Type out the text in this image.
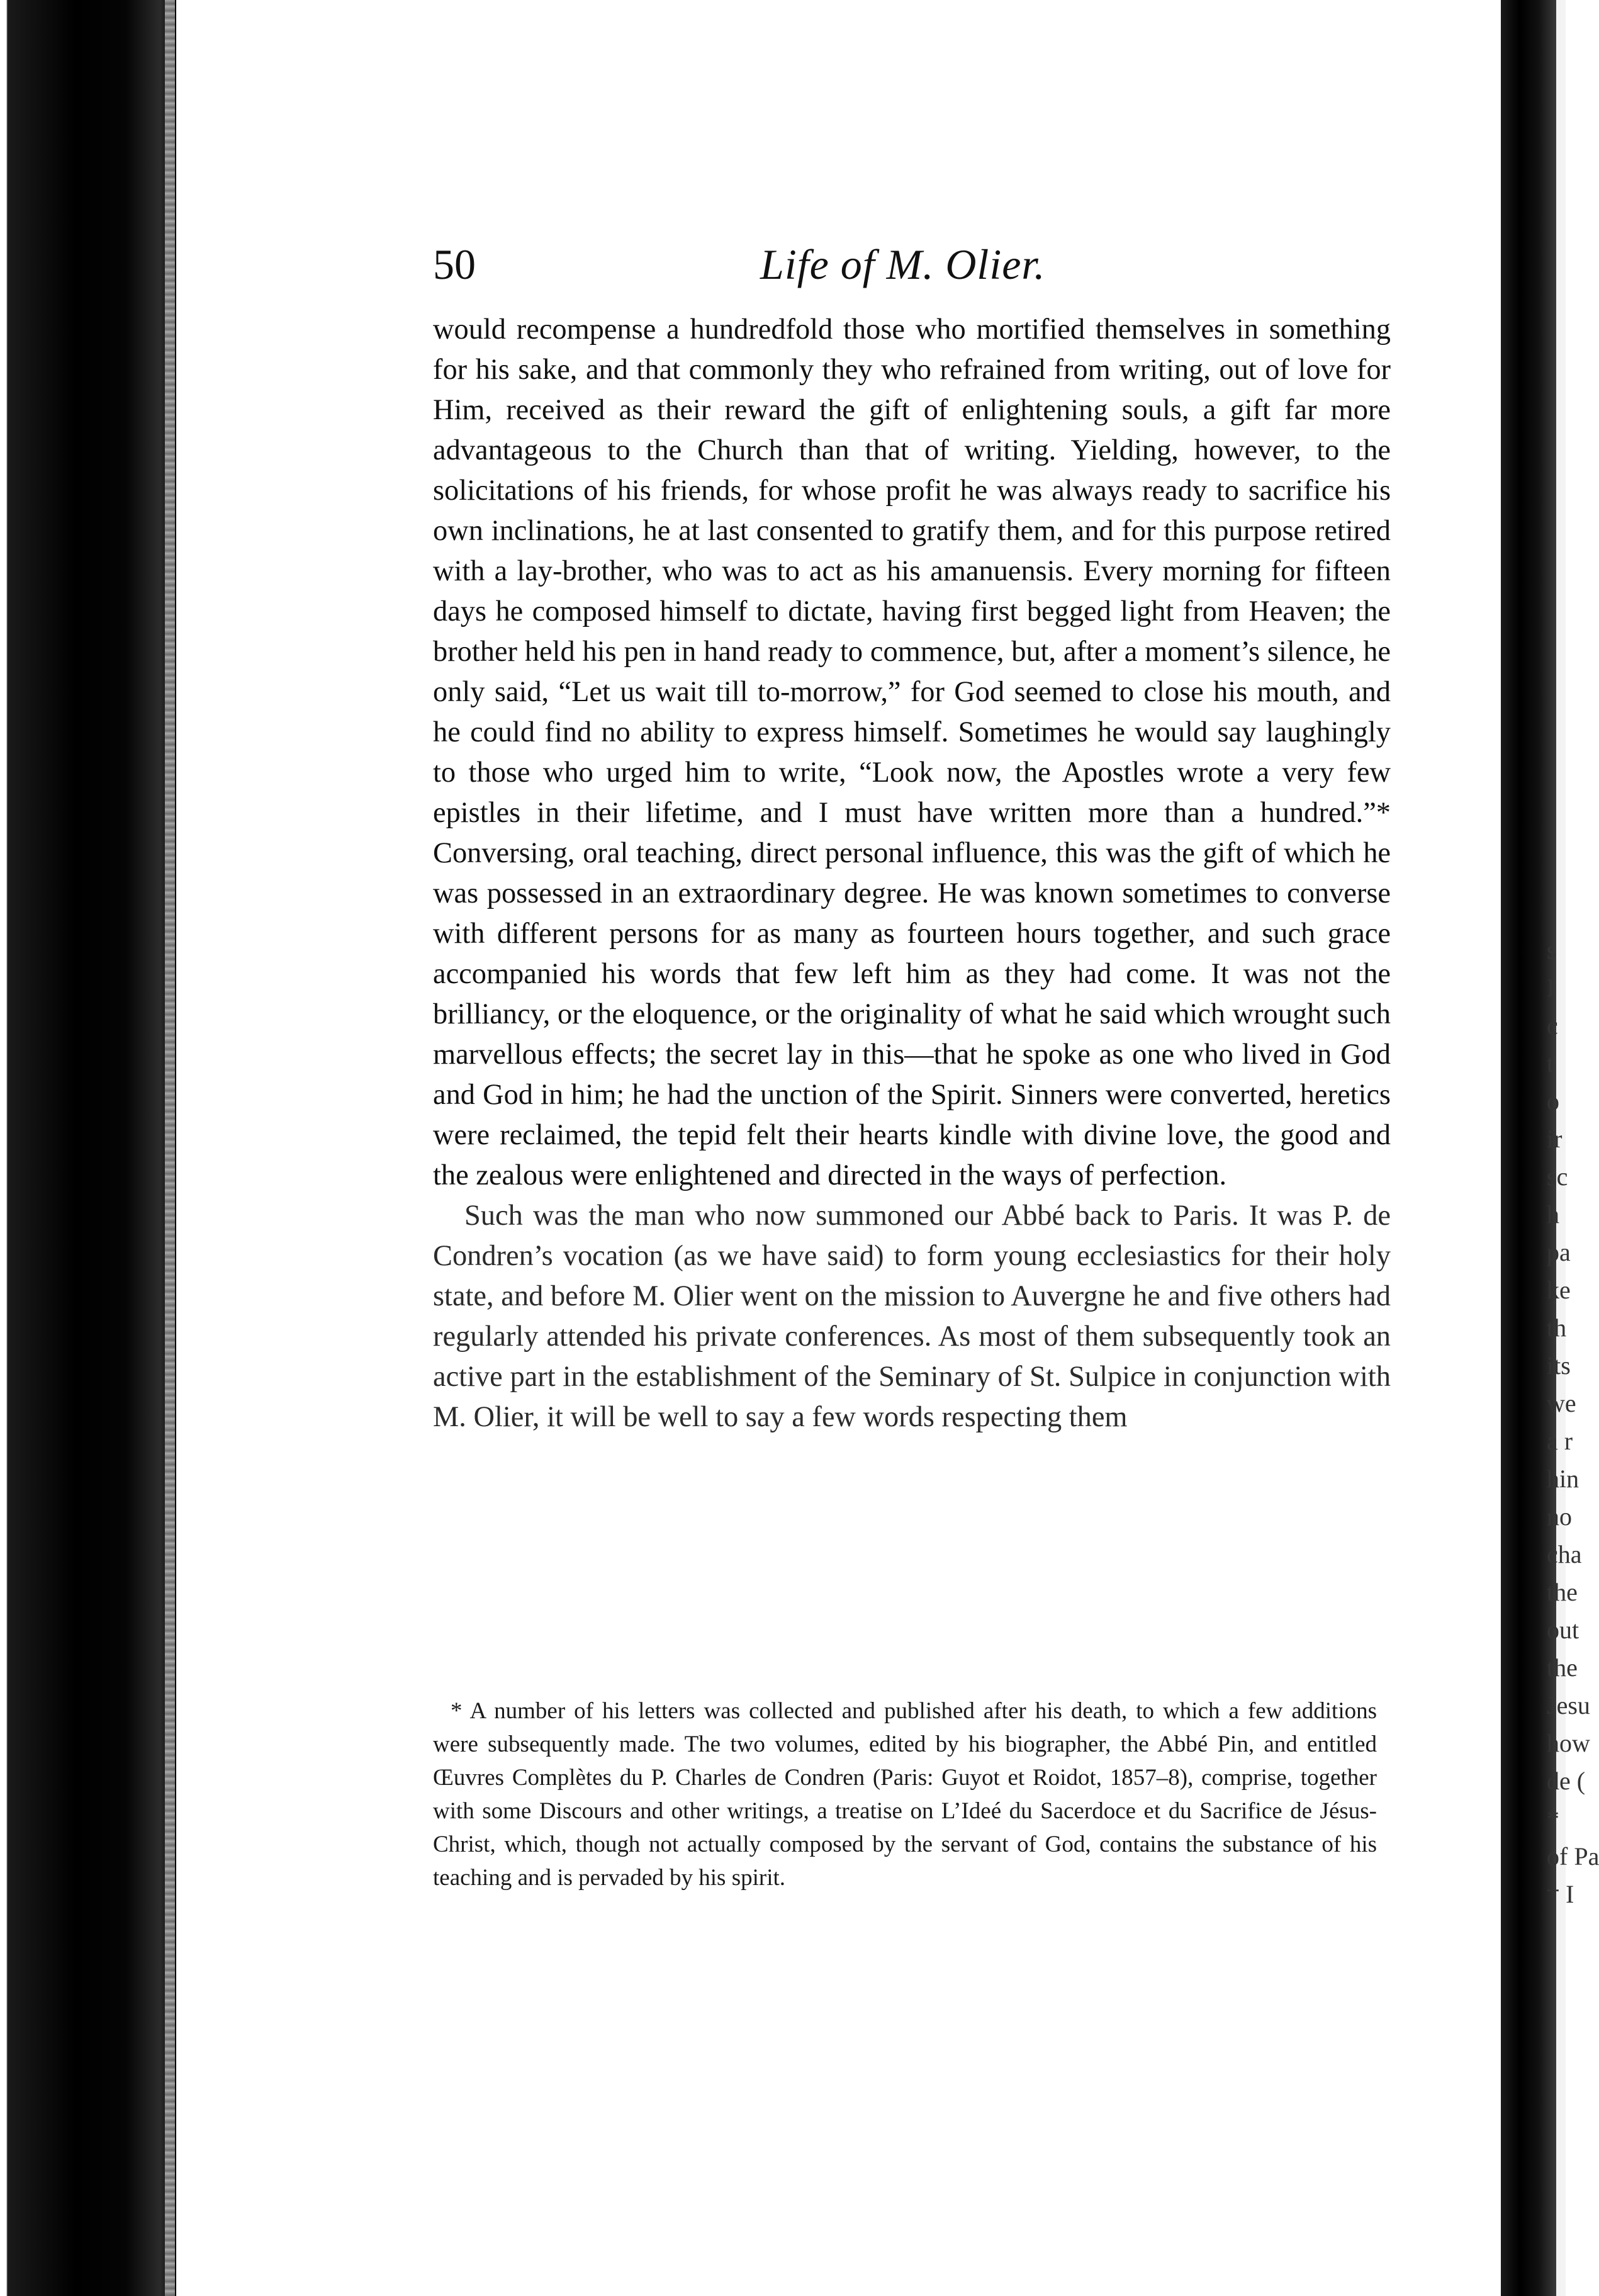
50	Life of M. Olier.

would recompense a hundredfold those who mortified themselves in something for his sake, and that commonly they who refrained from writing, out of love for Him, received as their reward the gift of enlightening souls, a gift far more advantageous to the Church than that of writing. Yielding, however, to the solicitations of his friends, for whose profit he was always ready to sacrifice his own inclinations, he at last consented to gratify them, and for this purpose retired with a lay-brother, who was to act as his amanuensis. Every morning for fifteen days he composed himself to dictate, having first begged light from Heaven; the brother held his pen in hand ready to commence, but, after a moment’s silence, he only said, “Let us wait till to-morrow,” for God seemed to close his mouth, and he could find no ability to express himself. Sometimes he would say laughingly to those who urged him to write, “Look now, the Apostles wrote a very few epistles in their lifetime, and I must have written more than a hundred.”* Conversing, oral teaching, direct personal influence, this was the gift of which he was possessed in an extraordinary degree. He was known sometimes to converse with different persons for as many as fourteen hours together, and such grace accompanied his words that few left him as they had come. It was not the brilliancy, or the eloquence, or the originality of what he said which wrought such marvellous effects; the secret lay in this—that he spoke as one who lived in God and God in him; he had the unction of the Spirit. Sinners were converted, heretics were reclaimed, the tepid felt their hearts kindle with divine love, the good and the zealous were enlightened and directed in the ways of perfection.

Such was the man who now summoned our Abbé back to Paris. It was P. de Condren’s vocation (as we have said) to form young ecclesiastics for their holy state, and before M. Olier went on the mission to Auvergne he and five others had regularly attended his private conferences. As most of them subsequently took an active part in the establishment of the Seminary of St. Sulpice in conjunction with M. Olier, it will be well to say a few words respecting them

* A number of his letters was collected and published after his death, to which a few additions were subsequently made. The two volumes, edited by his biographer, the Abbé Pin, and entitled Œuvres Complètes du P. Charles de Condren (Paris: Guyot et Roidot, 1857–8), comprise, together with some Discours and other writings, a treatise on L’Ideé du Sacerdoce et du Sacrifice de Jésus-Christ, which, though not actually composed by the servant of God, contains the substance of his teaching and is pervaded by his spirit.

s
I
c
t
o
ir
sc
h
pa
ke
th
its
we
a r
hin
no
cha
the
out
the
Jesu
how
de (
*
of Pa
† I
